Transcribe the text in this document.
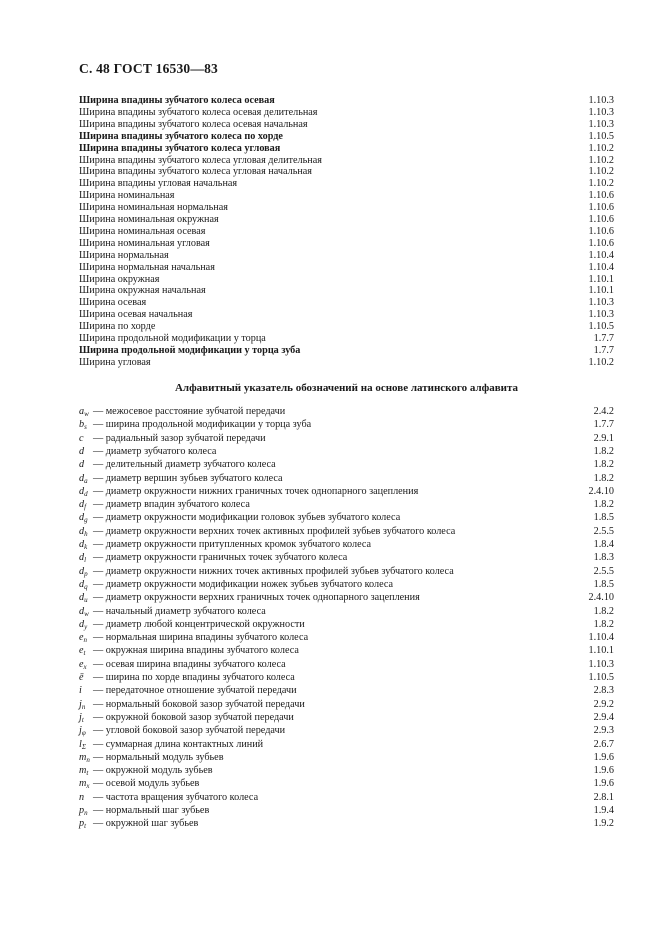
С. 48 ГОСТ 16530—83
Ширина впадины зубчатого колеса осевая	1.10.3
Ширина впадины зубчатого колеса осевая делительная	1.10.3
Ширина впадины зубчатого колеса осевая начальная	1.10.3
Ширина впадины зубчатого колеса по хорде	1.10.5
Ширина впадины зубчатого колеса угловая	1.10.2
Ширина впадины зубчатого колеса угловая делительная	1.10.2
Ширина впадины зубчатого колеса угловая начальная	1.10.2
Ширина впадины угловая начальная	1.10.2
Ширина номинальная	1.10.6
Ширина номинальная нормальная	1.10.6
Ширина номинальная окружная	1.10.6
Ширина номинальная осевая	1.10.6
Ширина номинальная угловая	1.10.6
Ширина нормальная	1.10.4
Ширина нормальная начальная	1.10.4
Ширина окружная	1.10.1
Ширина окружная начальная	1.10.1
Ширина осевая	1.10.3
Ширина осевая начальная	1.10.3
Ширина по хорде	1.10.5
Ширина продольной модификации у торца	1.7.7
Ширина продольной модификации у торца зуба	1.7.7
Ширина угловая	1.10.2
Алфавитный указатель обозначений на основе латинского алфавита
$a_w$ — межосевое расстояние зубчатой передачи	2.4.2
$b_s$ — ширина продольной модификации у торца зуба	1.7.7
c — радиальный зазор зубчатой передачи	2.9.1
d — диаметр зубчатого колеса	1.8.2
d — делительный диаметр зубчатого колеса	1.8.2
$d_a$ — диаметр вершин зубьев зубчатого колеса	1.8.2
$d_d$ — диаметр окружности нижних граничных точек однопарного зацепления	2.4.10
$d_f$ — диаметр впадин зубчатого колеса	1.8.2
$d_g$ — диаметр окружности модификации головок зубьев зубчатого колеса	1.8.5
$d_h$ — диаметр окружности верхних точек активных профилей зубьев зубчатого колеса	2.5.5
$d_k$ — диаметр окружности притупленных кромок зубчатого колеса	1.8.4
$d_l$ — диаметр окружности граничных точек зубчатого колеса	1.8.3
$d_p$ — диаметр окружности нижних точек активных профилей зубьев зубчатого колеса	2.5.5
$d_q$ — диаметр окружности модификации ножек зубьев зубчатого колеса	1.8.5
$d_u$ — диаметр окружности верхних граничных точек однопарного зацепления	2.4.10
$d_w$ — начальный диаметр зубчатого колеса	1.8.2
$d_y$ — диаметр любой концентрической окружности	1.8.2
$e_n$ — нормальная ширина впадины зубчатого колеса	1.10.4
$e_t$ — окружная ширина впадины зубчатого колеса	1.10.1
$e_x$ — осевая ширина впадины зубчатого колеса	1.10.3
ē — ширина по хорде впадины зубчатого колеса	1.10.5
i — передаточное отношение зубчатой передачи	2.8.3
$j_n$ — нормальный боковой зазор зубчатой передачи	2.9.2
$j_t$ — окружной боковой зазор зубчатой передачи	2.9.4
$j_\varphi$ — угловой боковой зазор зубчатой передачи	2.9.3
$l_\Sigma$ — суммарная длина контактных линий	2.6.7
$m_n$ — нормальный модуль зубьев	1.9.6
$m_t$ — окружной модуль зубьев	1.9.6
$m_x$ — осевой модуль зубьев	1.9.6
n — частота вращения зубчатого колеса	2.8.1
$p_n$ — нормальный шаг зубьев	1.9.4
$p_t$ — окружной шаг зубьев	1.9.2
